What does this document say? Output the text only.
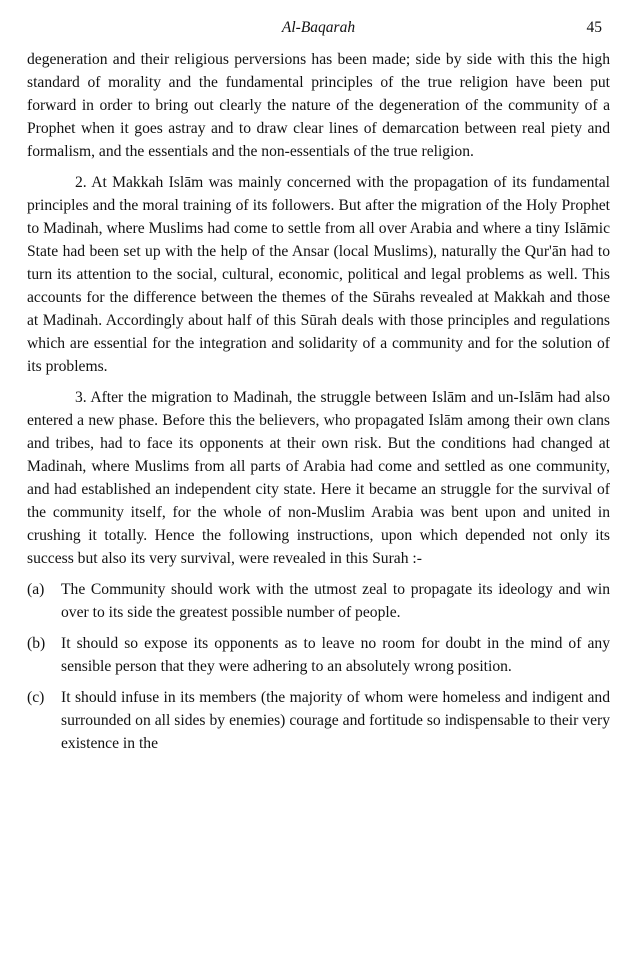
Al-Baqarah	45

degeneration and their religious perversions has been made; side by side with this the high standard of morality and the fundamental principles of the true religion have been put forward in order to bring out clearly the nature of the degeneration of the community of a Prophet when it goes astray and to draw clear lines of demarcation between real piety and formalism, and the essentials and the non-essentials of the true religion.

2. At Makkah Islām was mainly concerned with the propagation of its fundamental principles and the moral training of its followers. But after the migration of the Holy Prophet to Madinah, where Muslims had come to settle from all over Arabia and where a tiny Islāmic State had been set up with the help of the Ansar (local Muslims), naturally the Qur'ān had to turn its attention to the social, cultural, economic, political and legal problems as well. This accounts for the difference between the themes of the Sūrahs revealed at Makkah and those at Madinah. Accordingly about half of this Sūrah deals with those principles and regulations which are essential for the integration and solidarity of a community and for the solution of its problems.

3. After the migration to Madinah, the struggle between Islām and un-Islām had also entered a new phase. Before this the believers, who propagated Islām among their own clans and tribes, had to face its opponents at their own risk. But the conditions had changed at Madinah, where Muslims from all parts of Arabia had come and settled as one community, and had established an independent city state. Here it became an struggle for the survival of the community itself, for the whole of non-Muslim Arabia was bent upon and united in crushing it totally. Hence the following instructions, upon which depended not only its success but also its very survival, were revealed in this Surah :-

(a)	The Community should work with the utmost zeal to propagate its ideology and win over to its side the greatest possible number of people.
(b)	It should so expose its opponents as to leave no room for doubt in the mind of any sensible person that they were adhering to an absolutely wrong position.
(c)	It should infuse in its members (the majority of whom were homeless and indigent and surrounded on all sides by enemies) courage and fortitude so indispensable to their very existence in the
